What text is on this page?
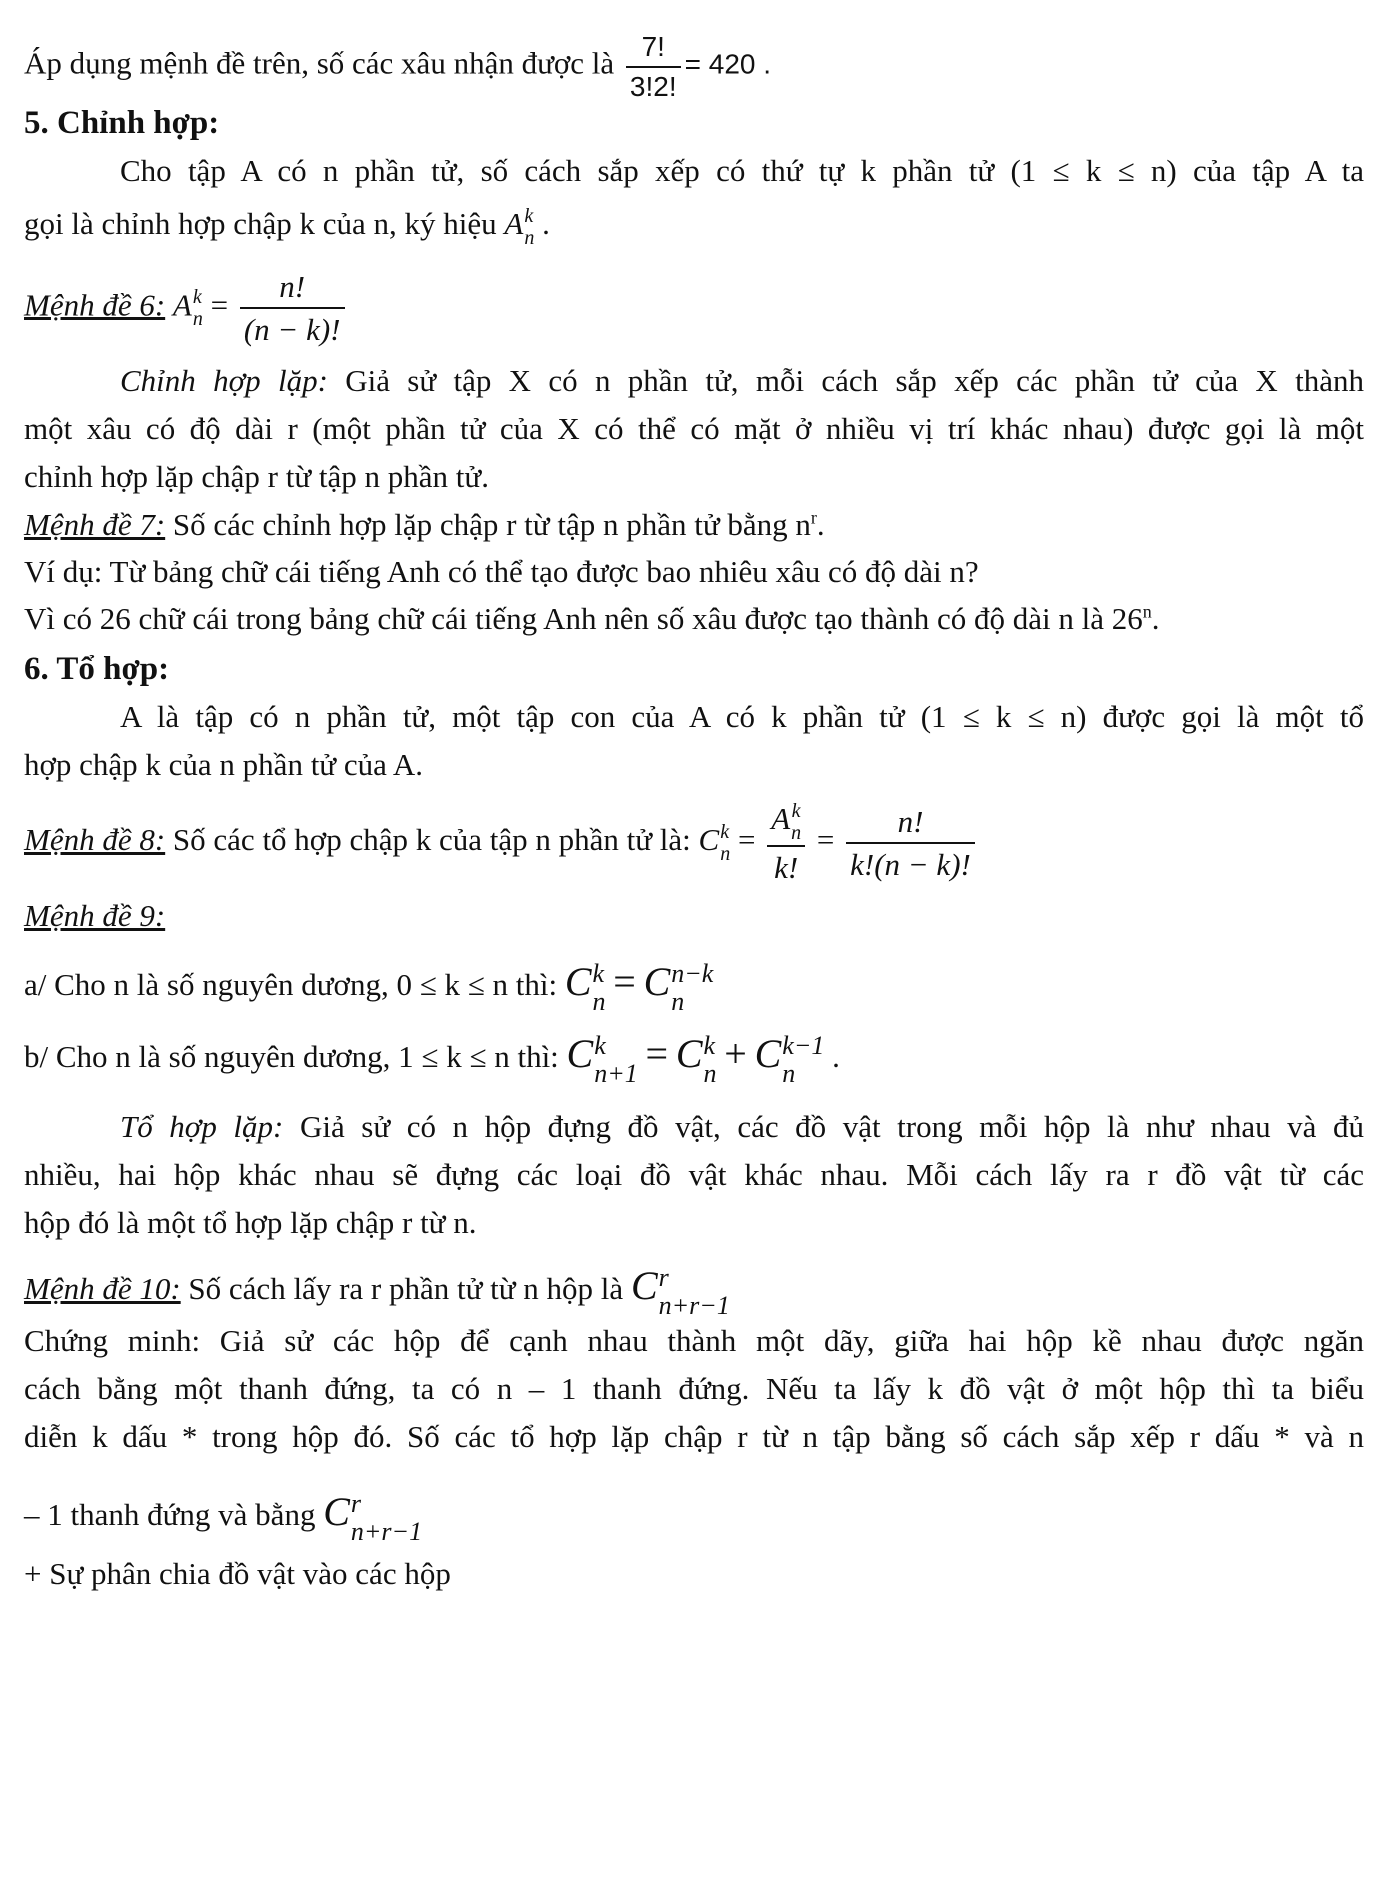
Áp dụng mệnh đề trên, số các xâu nhận được là $\frac{7!}{3!2!} = 420$ .
5. Chỉnh hợp:
Cho tập A có n phần tử, số cách sắp xếp có thứ tự k phần tử (1 ≤ k ≤ n) của tập A ta
gọi là chỉnh hợp chập k của n, ký hiệu A k
n .
Mệnh đề 6: A k
$n = \frac{n!}{(n - k)!}$
Chỉnh hợp lặp: Giả sử tập X có n phần tử, mỗi cách sắp xếp các phần tử của X thành
một xâu có độ dài r (một phần tử của X có thể có mặt ở nhiều vị trí khác nhau) được gọi là một
chỉnh hợp lặp chập r từ tập n phần tử.
Mệnh đề 7: Số các chỉnh hợp lặp chập r từ tập n phần tử bằng $n^r$.
Ví dụ: Từ bảng chữ cái tiếng Anh có thể tạo được bao nhiêu xâu có độ dài n?
Vì có 26 chữ cái trong bảng chữ cái tiếng Anh nên số xâu được tạo thành có độ dài n là 26$^n$.
6. Tổ hợp:
A là tập có n phần tử, một tập con của A có k phần tử (1 ≤ k ≤ n) được gọi là một tổ
hợp chập k của n phần tử của A.
Mệnh đề 8: Số các tổ hợp chập k của tập n phần tử là: C k
n = A k
n
k! = $\frac{n!}{k!(n - k)!}$
Mệnh đề 9:
a/ Cho n là số nguyên dương, 0 ≤ k ≤ n thì: C k
n = C n−k
n
b/ Cho n là số nguyên dương, 1 ≤ k ≤ n thì: C k
n+1 = C k
n + C k−1
n	.
Tổ hợp lặp: Giả sử có n hộp đựng đồ vật, các đồ vật trong mỗi hộp là như nhau và đủ
nhiều, hai hộp khác nhau sẽ đựng các loại đồ vật khác nhau. Mỗi cách lấy ra r đồ vật từ các
hộp đó là một tổ hợp lặp chập r từ n.
Mệnh đề 10: Số cách lấy ra r phần tử từ n hộp là C r
n+r−1
Chứng minh: Giả sử các hộp để cạnh nhau thành một dãy, giữa hai hộp kề nhau được ngăn
cách bằng một thanh đứng, ta có n – 1 thanh đứng. Nếu ta lấy k đồ vật ở một hộp thì ta biểu
diễn k dấu * trong hộp đó. Số các tổ hợp lặp chập r từ n tập bằng số cách sắp xếp r dấu * và n
– 1 thanh đứng và bằng C r
n+r−1
+ Sự phân chia đồ vật vào các hộp
